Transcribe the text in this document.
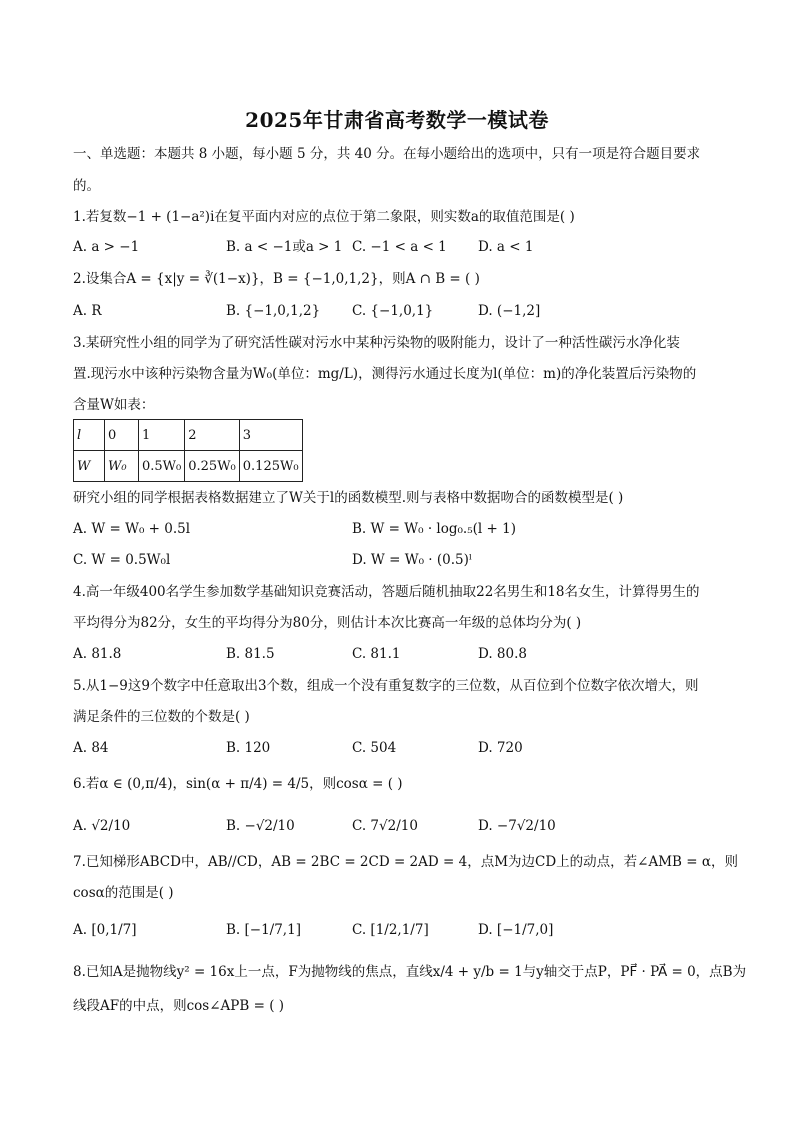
2025年甘肃省高考数学一模试卷
一、单选题：本题共 8 小题，每小题 5 分，共 40 分。在每小题给出的选项中，只有一项是符合题目要求
的。
1.若复数−1 + (1−a²)i在复平面内对应的点位于第二象限，则实数a的取值范围是( )
A. a > −1	B. a < −1或a > 1 C. −1 < a < 1 D. a < 1
2.设集合A = {x|y = ∛(1−x)}，B = {−1,0,1,2}，则A ∩ B = ( )
A. R	B. {−1,0,1,2} C. {−1,0,1}	D. (−1,2]
3.某研究性小组的同学为了研究活性碳对污水中某种污染物的吸附能力，设计了一种活性碳污水净化装
置.现污水中该种污染物含量为W₀(单位：mg/L)，测得污水通过长度为l(单位：m)的净化装置后污染物的
含量W如表：
l	0	1	2	3
W	W₀	0.5W₀	0.25W₀	0.125W₀
研究小组的同学根据表格数据建立了W关于l的函数模型.则与表格中数据吻合的函数模型是( )
A. W = W₀ + 0.5l	B. W = W₀ · log₀.₅(l + 1)
C. W = 0.5W₀l	D. W = W₀ · (0.5)ˡ
4.高一年级400名学生参加数学基础知识竞赛活动，答题后随机抽取22名男生和18名女生，计算得男生的
平均得分为82分，女生的平均得分为80分，则估计本次比赛高一年级的总体均分为( )
A. 81.8	B. 81.5	C. 81.1	D. 80.8
5.从1−9这9个数字中任意取出3个数，组成一个没有重复数字的三位数，从百位到个位数字依次增大，则
满足条件的三位数的个数是( )
A. 84	B. 120	C. 504	D. 720
6.若α ∈ (0,π/4)，sin(α + π/4) = 4/5，则cosα = ( )
A. √2/10	B. −√2/10	C. 7√2/10	D. −7√2/10
7.已知梯形ABCD中，AB//CD，AB = 2BC = 2CD = 2AD = 4，点M为边CD上的动点，若∠AMB = α，则
cosα的范围是( )
A. [0,1/7]	B. [−1/7,1]	C. [1/2,1/7]	D. [−1/7,0]
8.已知A是抛物线y² = 16x上一点，F为抛物线的焦点，直线x/4 + y/b = 1与y轴交于点P，PF⃗ · PA⃗ = 0，点B为
线段AF的中点，则cos∠APB = ( )
